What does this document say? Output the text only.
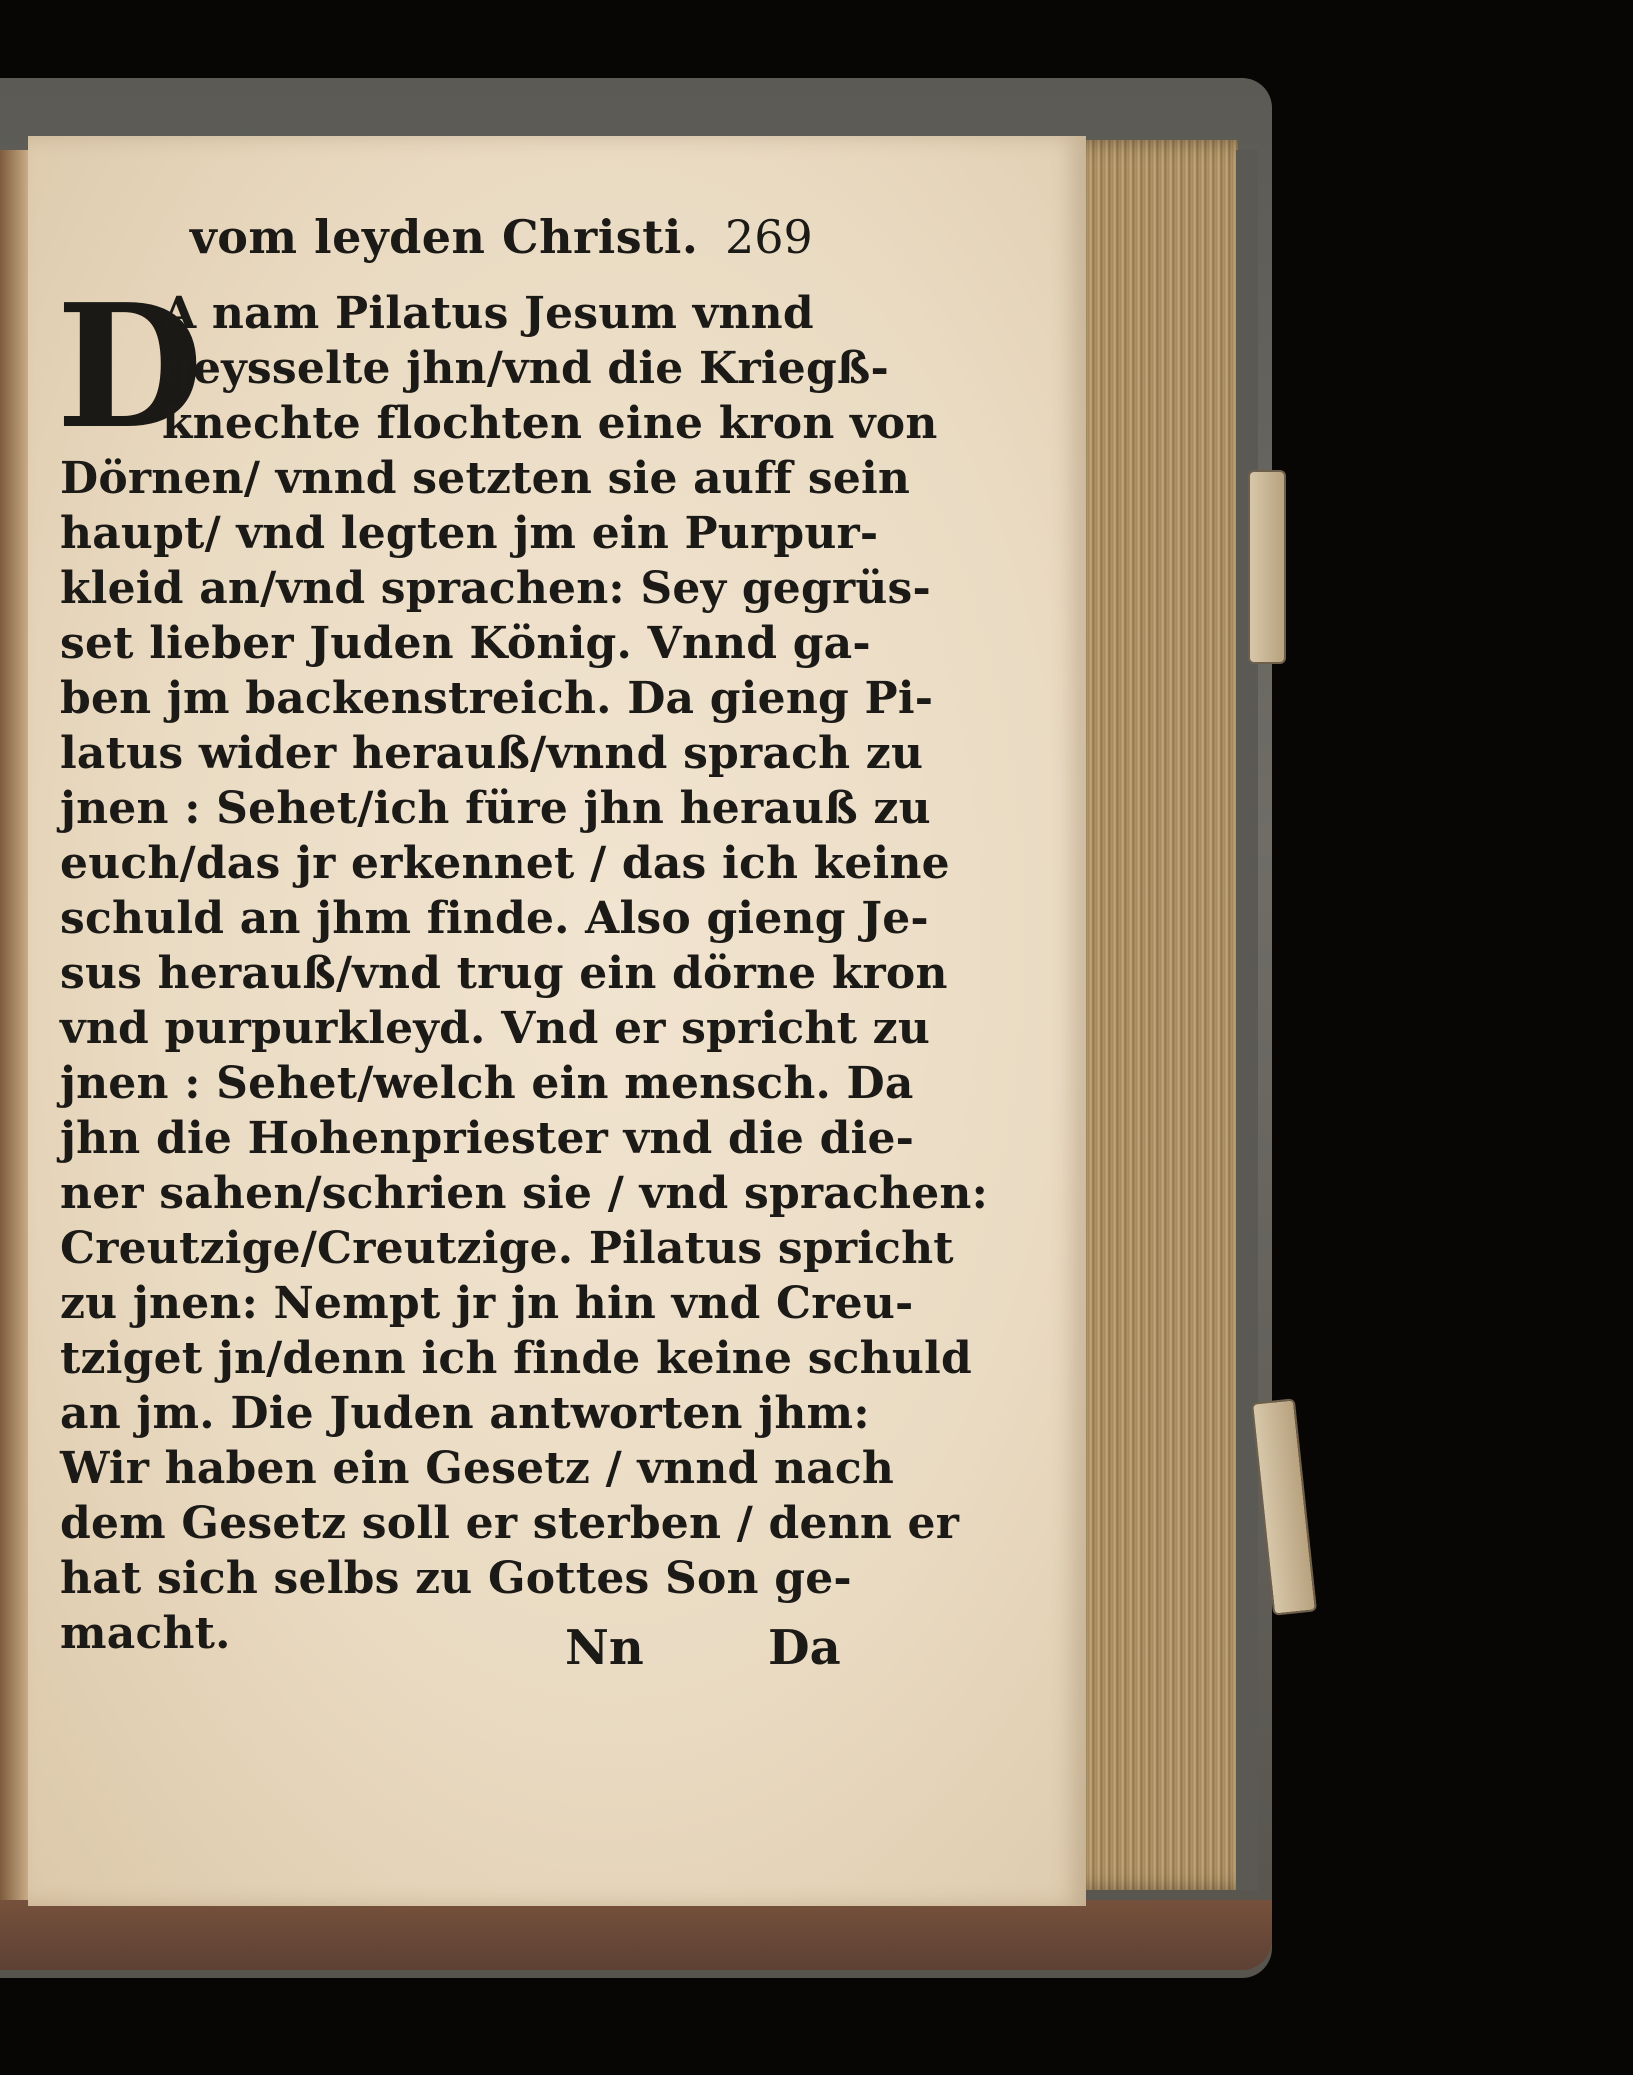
vom leyden Christi. 269
D
A nam Pilatus Jesum vnnd
geysselte jhn/vnd die Kriegß-
knechte flochten eine kron von
Dörnen/ vnnd setzten sie auff sein
haupt/ vnd legten jm ein Purpur-
kleid an/vnd sprachen: Sey gegrüs-
set lieber Juden König. Vnnd ga-
ben jm backenstreich. Da gieng Pi-
latus wider herauß/vnnd sprach zu
jnen : Sehet/ich füre jhn herauß zu
euch/das jr erkennet / das ich keine
schuld an jhm finde. Also gieng Je-
sus herauß/vnd trug ein dörne kron
vnd purpurkleyd. Vnd er spricht zu
jnen : Sehet/welch ein mensch. Da
jhn die Hohenpriester vnd die die-
ner sahen/schrien sie / vnd sprachen:
Creutzige/Creutzige. Pilatus spricht
zu jnen: Nempt jr jn hin vnd Creu-
tziget jn/denn ich finde keine schuld
an jm. Die Juden antworten jhm:
Wir haben ein Gesetz / vnnd nach
dem Gesetz soll er sterben / denn er
hat sich selbs zu Gottes Son ge-
macht.	Nn	Da
